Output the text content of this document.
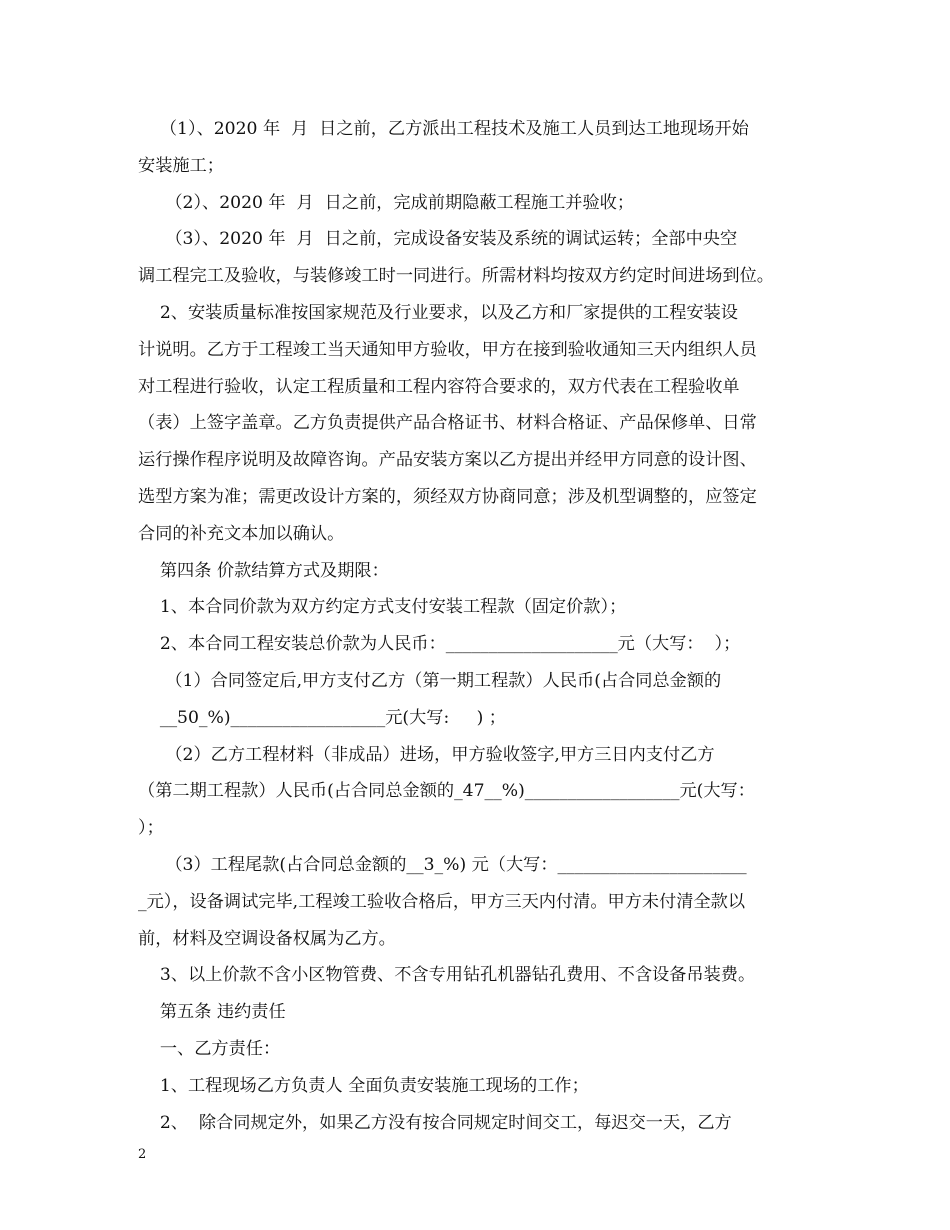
（1）、2020 年  月  日之前，乙方派出工程技术及施工人员到达工地现场开始
安装施工；
（2）、2020 年  月  日之前，完成前期隐蔽工程施工并验收；
（3）、2020 年  月  日之前，完成设备安装及系统的调试运转；全部中央空
调工程完工及验收，与装修竣工时一同进行。所需材料均按双方约定时间进场到位。
2、安装质量标准按国家规范及行业要求，以及乙方和厂家提供的工程安装设
计说明。乙方于工程竣工当天通知甲方验收，甲方在接到验收通知三天内组织人员
对工程进行验收，认定工程质量和工程内容符合要求的，双方代表在工程验收单
（表）上签字盖章。乙方负责提供产品合格证书、材料合格证、产品保修单、日常
运行操作程序说明及故障咨询。产品安装方案以乙方提出并经甲方同意的设计图、
选型方案为准；需更改设计方案的，须经双方协商同意；涉及机型调整的，应签定
合同的补充文本加以确认。
第四条 价款结算方式及期限：
1、本合同价款为双方约定方式支付安装工程款（固定价款）；
2、本合同工程安装总价款为人民币：____________________元（大写：  ）；
（1）合同签定后,甲方支付乙方（第一期工程款）人民币(占合同总金额的
__50_%)__________________元(大写:     ) ；
（2）乙方工程材料（非成品）进场，甲方验收签字,甲方三日内支付乙方
（第二期工程款）人民币(占合同总金额的_47__%)__________________元(大写：
）；
（3）工程尾款(占合同总金额的__3_%) 元（大写：______________________
_元），设备调试完毕,工程竣工验收合格后，甲方三天内付清。甲方未付清全款以
前，材料及空调设备权属为乙方。
3、以上价款不含小区物管费、不含专用钻孔机器钻孔费用、不含设备吊装费。
第五条 违约责任
一、乙方责任：
1、工程现场乙方负责人 全面负责安装施工现场的工作；
2、  除合同规定外，如果乙方没有按合同规定时间交工，每迟交一天，乙方
2
